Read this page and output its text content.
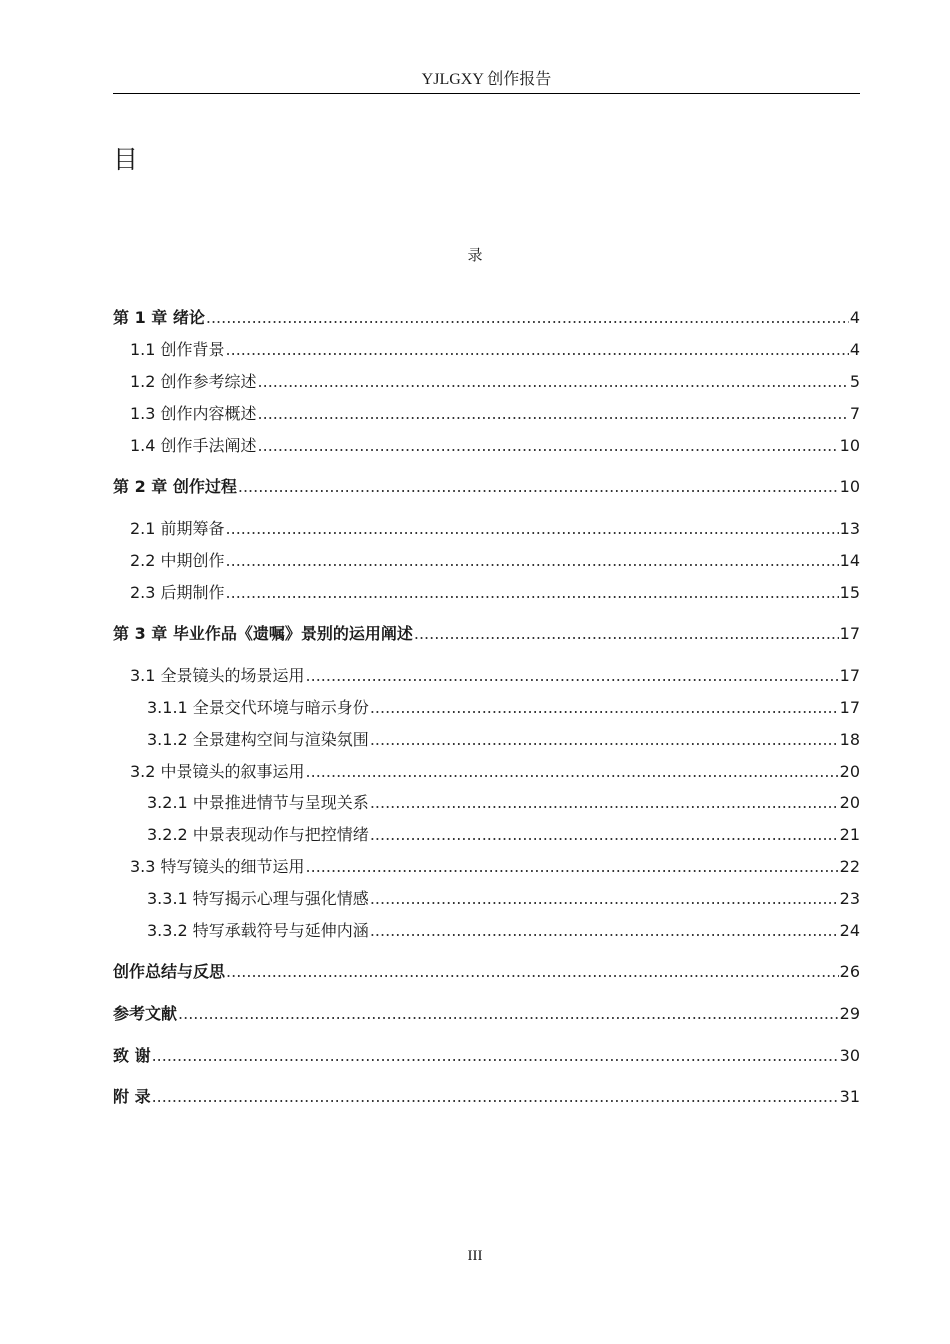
YJLGXY 创作报告
目
录
第 1 章 绪论 .....	4
1.1 创作背景 .....	4
1.2 创作参考综述 .....	5
1.3 创作内容概述 .....	7
1.4 创作手法阐述 .....	10
第 2 章 创作过程 .....	10
2.1 前期筹备 .....	13
2.2 中期创作 .....	14
2.3 后期制作 .....	15
第 3 章 毕业作品《遗嘱》景别的运用阐述 .....	17
3.1 全景镜头的场景运用 .....	17
3.1.1 全景交代环境与暗示身份 .....	17
3.1.2 全景建构空间与渲染氛围 .....	18
3.2 中景镜头的叙事运用 .....	20
3.2.1 中景推进情节与呈现关系 .....	20
3.2.2 中景表现动作与把控情绪 .....	21
3.3 特写镜头的细节运用 .....	22
3.3.1 特写揭示心理与强化情感 .....	23
3.3.2 特写承载符号与延伸内涵 .....	24
创作总结与反思 .....	26
参考文献 .....	29
致 谢 .....	30
附 录 .....	31
III
